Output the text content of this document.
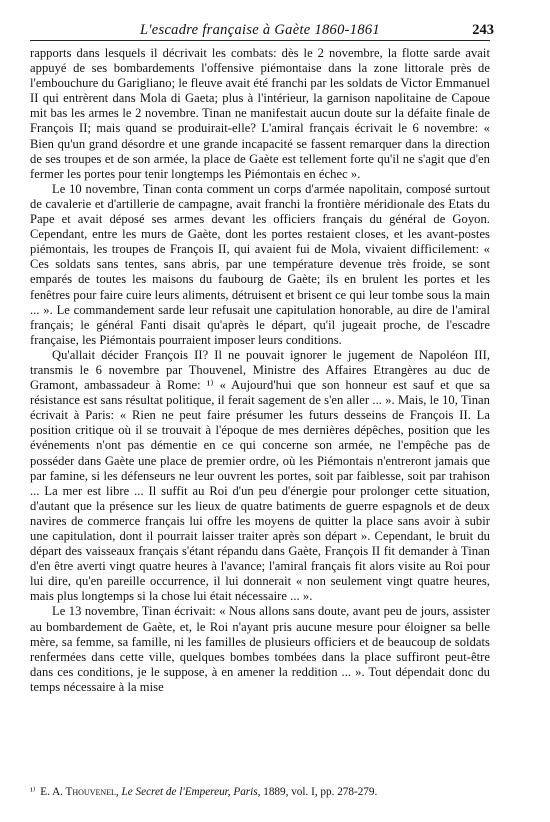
L'escadre française à Gaète 1860-1861	243

rapports dans lesquels il décrivait les combats: dès le 2 novembre, la flotte sarde avait appuyé de ses bombardements l'offensive piémontaise dans la zone littorale près de l'embouchure du Garigliano; le fleuve avait été franchi par les soldats de Victor Emmanuel II qui entrèrent dans Mola di Gaeta; plus à l'intérieur, la garnison napolitaine de Capoue mit bas les armes le 2 novembre. Tinan ne manifestait aucun doute sur la défaite finale de François II; mais quand se produirait-elle? L'amiral français écrivait le 6 novembre: « Bien qu'un grand désordre et une grande incapacité se fassent remarquer dans la direction de ses troupes et de son armée, la place de Gaète est tellement forte qu'il ne s'agit que d'en fermer les portes pour tenir longtemps les Piémontais en échec ».

Le 10 novembre, Tinan conta comment un corps d'armée napolitain, composé surtout de cavalerie et d'artillerie de campagne, avait franchi la frontière méridionale des Etats du Pape et avait déposé ses armes devant les officiers français du général de Goyon. Cependant, entre les murs de Gaète, dont les portes restaient closes, et les avant-postes piémontais, les troupes de François II, qui avaient fui de Mola, vivaient difficilement: « Ces soldats sans tentes, sans abris, par une température devenue très froide, se sont emparés de toutes les maisons du faubourg de Gaète; ils en brulent les portes et les fenêtres pour faire cuire leurs aliments, détruisent et brisent ce qui leur tombe sous la main ... ». Le commandement sarde leur refusait une capitulation honorable, au dire de l'amiral français; le général Fanti disait qu'après le départ, qu'il jugeait proche, de l'escadre française, les Piémontais pourraient imposer leurs conditions.

Qu'allait décider François II? Il ne pouvait ignorer le jugement de Napoléon III, transmis le 6 novembre par Thouvenel, Ministre des Affaires Etrangères au duc de Gramont, ambassadeur à Rome: ¹⁾ « Aujourd'hui que son honneur est sauf et que sa résistance est sans résultat politique, il ferait sagement de s'en aller ... ». Mais, le 10, Tinan écrivait à Paris: « Rien ne peut faire présumer les futurs desseins de François II. La position critique où il se trouvait à l'époque de mes dernières dépêches, position que les événements n'ont pas démentie en ce qui concerne son armée, ne l'empêche pas de posséder dans Gaète une place de premier ordre, où les Piémontais n'entreront jamais que par famine, si les défenseurs ne leur ouvrent les portes, soit par faiblesse, soit par trahison ... La mer est libre ... Il suffit au Roi d'un peu d'énergie pour prolonger cette situation, d'autant que la présence sur les lieux de quatre batiments de guerre espagnols et de deux navires de commerce français lui offre les moyens de quitter la place sans avoir à subir une capitulation, dont il pourrait laisser traiter après son départ ». Cependant, le bruit du départ des vaisseaux français s'étant répandu dans Gaète, François II fit demander à Tinan d'en être averti vingt quatre heures à l'avance; l'amiral français fit alors visite au Roi pour lui dire, qu'en pareille occurrence, il lui donnerait « non seulement vingt quatre heures, mais plus longtemps si la chose lui était nécessaire ... ».

Le 13 novembre, Tinan écrivait: « Nous allons sans doute, avant peu de jours, assister au bombardement de Gaète, et, le Roi n'ayant pris aucune mesure pour éloigner sa belle mère, sa femme, sa famille, ni les familles de plusieurs officiers et de beaucoup de soldats renfermées dans cette ville, quelques bombes tombées dans la place suffiront peut-être dans ces conditions, je le suppose, à en amener la reddition ... ». Tout dépendait donc du temps nécessaire à la mise

¹⁾ E. A. Thouvenel, Le Secret de l'Empereur, Paris, 1889, vol. I, pp. 278-279.
